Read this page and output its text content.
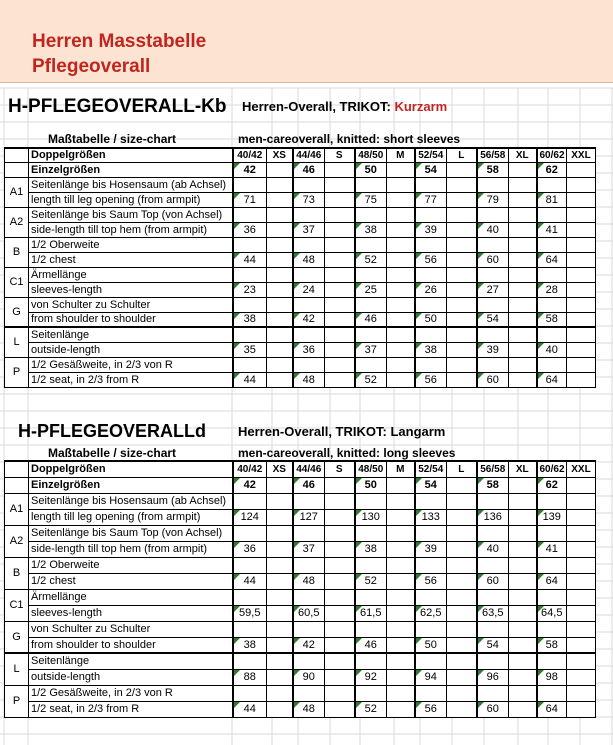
Herren Masstabelle
Pflegeoverall
H-PFLEGEOVERALL-Kb Herren-Overall, TRIKOT: Kurzarm
Maßtabelle / size-chart	men-careoverall, knitted: short sleeves
	Doppelgrößen	40/42	XS	44/46	S	48/50	M	52/54	L	56/58	XL	60/62	XXL
	Einzelgrößen	42		46		50		54		58		62	
A1	Seitenlänge bis Hosensaum (ab Achsel)												
	length till leg opening (from armpit)	71		73		75		77		79		81	
A2	Seitenlänge bis Saum Top (von Achsel)												
	side-length till top hem (from armpit)	36		37		38		39		40		41	
B	1/2 Oberweite												
	1/2 chest	44		48		52		56		60		64	
C1	Ärmellänge												
	sleeves-length	23		24		25		26		27		28	
G	von Schulter zu Schulter												
	from shoulder to shoulder	38		42		46		50		54		58	
L	Seitenlänge												
	outside-length	35		36		37		38		39		40	
P	1/2 Gesäßweite, in 2/3 von R												
	1/2 seat, in 2/3 from R	44		48		52		56		60		64	
H-PFLEGEOVERALLd Herren-Overall, TRIKOT: Langarm
Maßtabelle / size-chart	men-careoverall, knitted: long sleeves
	Doppelgrößen	40/42	XS	44/46	S	48/50	M	52/54	L	56/58	XL	60/62	XXL
	Einzelgrößen	42		46		50		54		58		62	
A1	Seitenlänge bis Hosensaum (ab Achsel)												
	length till leg opening (from armpit)	124		127		130		133		136		139	
A2	Seitenlänge bis Saum Top (von Achsel)												
	side-length till top hem (from armpit)	36		37		38		39		40		41	
B	1/2 Oberweite												
	1/2 chest	44		48		52		56		60		64	
C1	Ärmellänge												
	sleeves-length	59,5		60,5		61,5		62,5		63,5		64,5	
G	von Schulter zu Schulter												
	from shoulder to shoulder	38		42		46		50		54		58	
L	Seitenlänge												
	outside-length	88		90		92		94		96		98	
P	1/2 Gesäßweite, in 2/3 von R												
	1/2 seat, in 2/3 from R	44		48		52		56		60		64	
